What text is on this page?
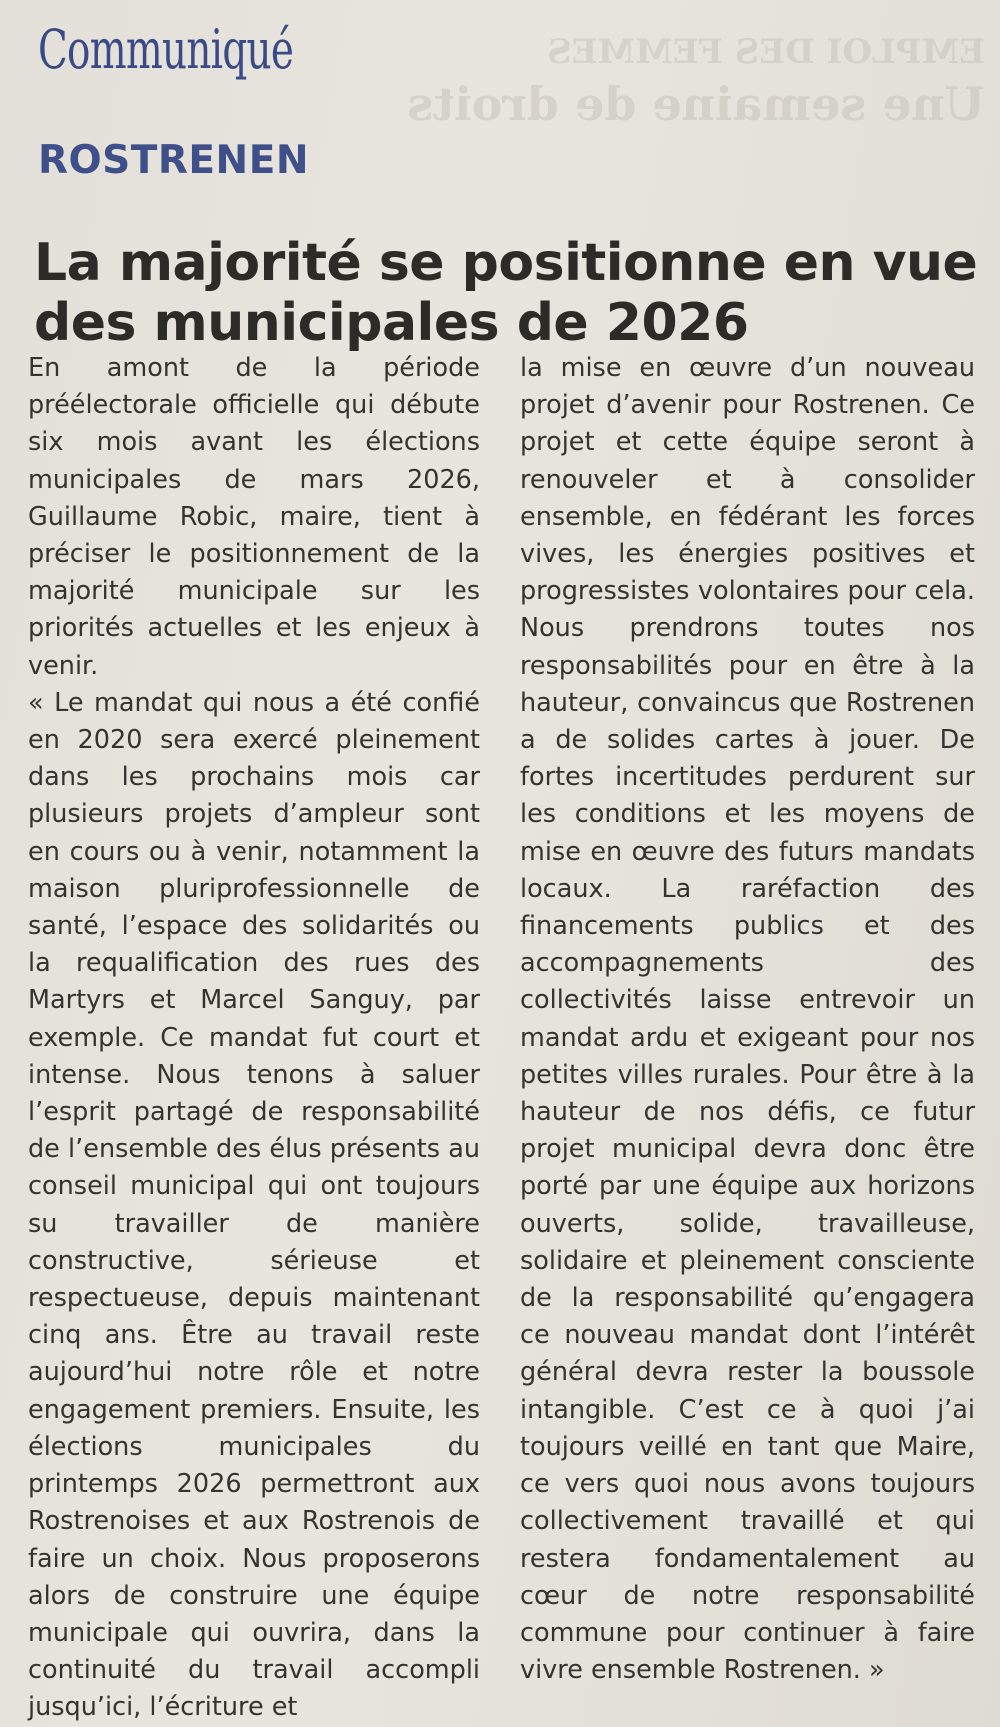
EMPLOI DES FEMMES
Une semaine de droits
Communiqué
ROSTRENEN
La majorité se positionne en vue des municipales de 2026

En amont de la période préélectorale officielle qui débute six mois avant les élections municipales de mars 2026, Guillaume Robic, maire, tient à préciser le positionnement de la majorité municipale sur les priorités actuelles et les enjeux à venir.

« Le mandat qui nous a été confié en 2020 sera exercé pleinement dans les prochains mois car plusieurs projets d’ampleur sont en cours ou à venir, notamment la maison pluriprofessionnelle de santé, l’espace des solidarités ou la requalification des rues des Martyrs et Marcel Sanguy, par exemple. Ce mandat fut court et intense. Nous tenons à saluer l’esprit partagé de responsabilité de l’ensemble des élus présents au conseil municipal qui ont toujours su travailler de manière constructive, sérieuse et respectueuse, depuis maintenant cinq ans. Être au travail reste aujourd’hui notre rôle et notre engagement premiers. Ensuite, les élections municipales du printemps 2026 permettront aux Rostrenoises et aux Rostrenois de faire un choix. Nous proposerons alors de construire une équipe municipale qui ouvrira, dans la continuité du travail accompli jusqu’ici, l’écriture et

la mise en œuvre d’un nouveau projet d’avenir pour Rostrenen. Ce projet et cette équipe seront à renouveler et à consolider ensemble, en fédérant les forces vives, les énergies positives et progressistes volontaires pour cela. Nous prendrons toutes nos responsabilités pour en être à la hauteur, convaincus que Rostrenen a de solides cartes à jouer. De fortes incertitudes perdurent sur les conditions et les moyens de mise en œuvre des futurs mandats locaux. La raréfaction des financements publics et des accompagnements des collectivités laisse entrevoir un mandat ardu et exigeant pour nos petites villes rurales. Pour être à la hauteur de nos défis, ce futur projet municipal devra donc être porté par une équipe aux horizons ouverts, solide, travailleuse, solidaire et pleinement consciente de la responsabilité qu’engagera ce nouveau mandat dont l’intérêt général devra rester la boussole intangible. C’est ce à quoi j’ai toujours veillé en tant que Maire, ce vers quoi nous avons toujours collectivement travaillé et qui restera fondamentalement au cœur de notre responsabilité commune pour continuer à faire vivre ensemble Rostrenen. »
